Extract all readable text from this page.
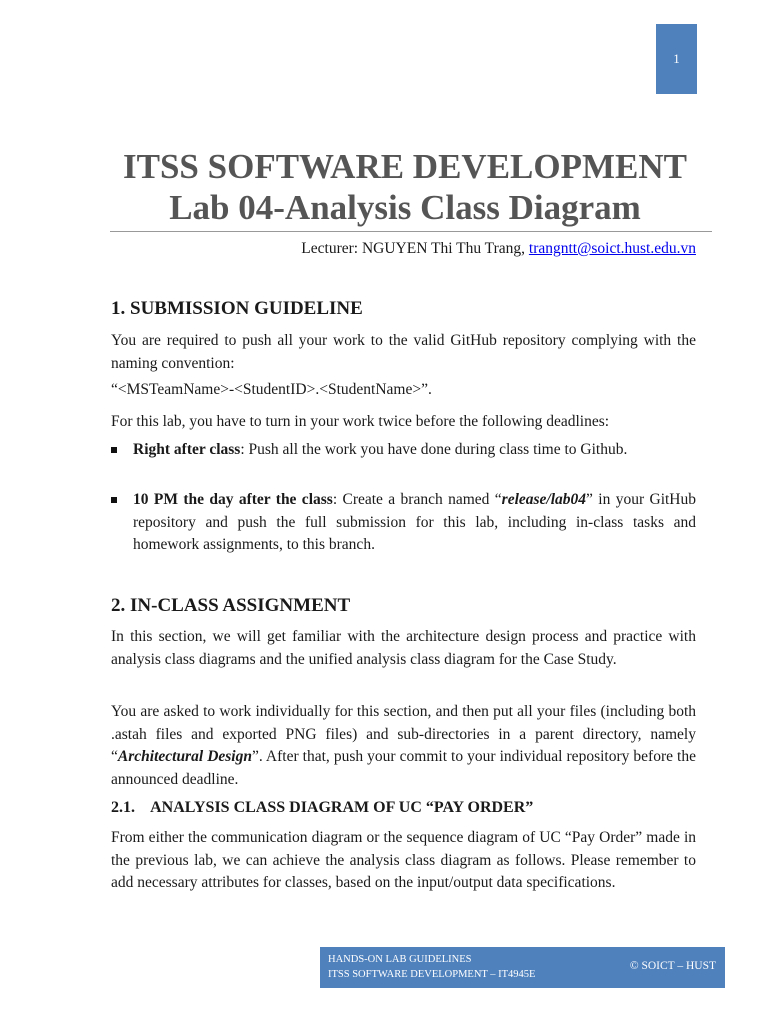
1
ITSS SOFTWARE DEVELOPMENT
Lab 04-Analysis Class Diagram
Lecturer: NGUYEN Thi Thu Trang, trangntt@soict.hust.edu.vn
1. SUBMISSION GUIDELINE
You are required to push all your work to the valid GitHub repository complying with the naming convention:
“<MSTeamName>-<StudentID>.<StudentName>”.
For this lab, you have to turn in your work twice before the following deadlines:
Right after class: Push all the work you have done during class time to Github.
10 PM the day after the class: Create a branch named “release/lab04” in your GitHub repository and push the full submission for this lab, including in-class tasks and homework assignments, to this branch.
2. IN-CLASS ASSIGNMENT
In this section, we will get familiar with the architecture design process and practice with analysis class diagrams and the unified analysis class diagram for the Case Study.
You are asked to work individually for this section, and then put all your files (including both .astah files and exported PNG files) and sub-directories in a parent directory, namely “Architectural Design”. After that, push your commit to your individual repository before the announced deadline.
2.1.    ANALYSIS CLASS DIAGRAM OF UC “PAY ORDER”
From either the communication diagram or the sequence diagram of UC “Pay Order” made in the previous lab, we can achieve the analysis class diagram as follows. Please remember to add necessary attributes for classes, based on the input/output data specifications.
HANDS-ON LAB GUIDELINES
ITSS SOFTWARE DEVELOPMENT – IT4945E
© SOICT – HUST
